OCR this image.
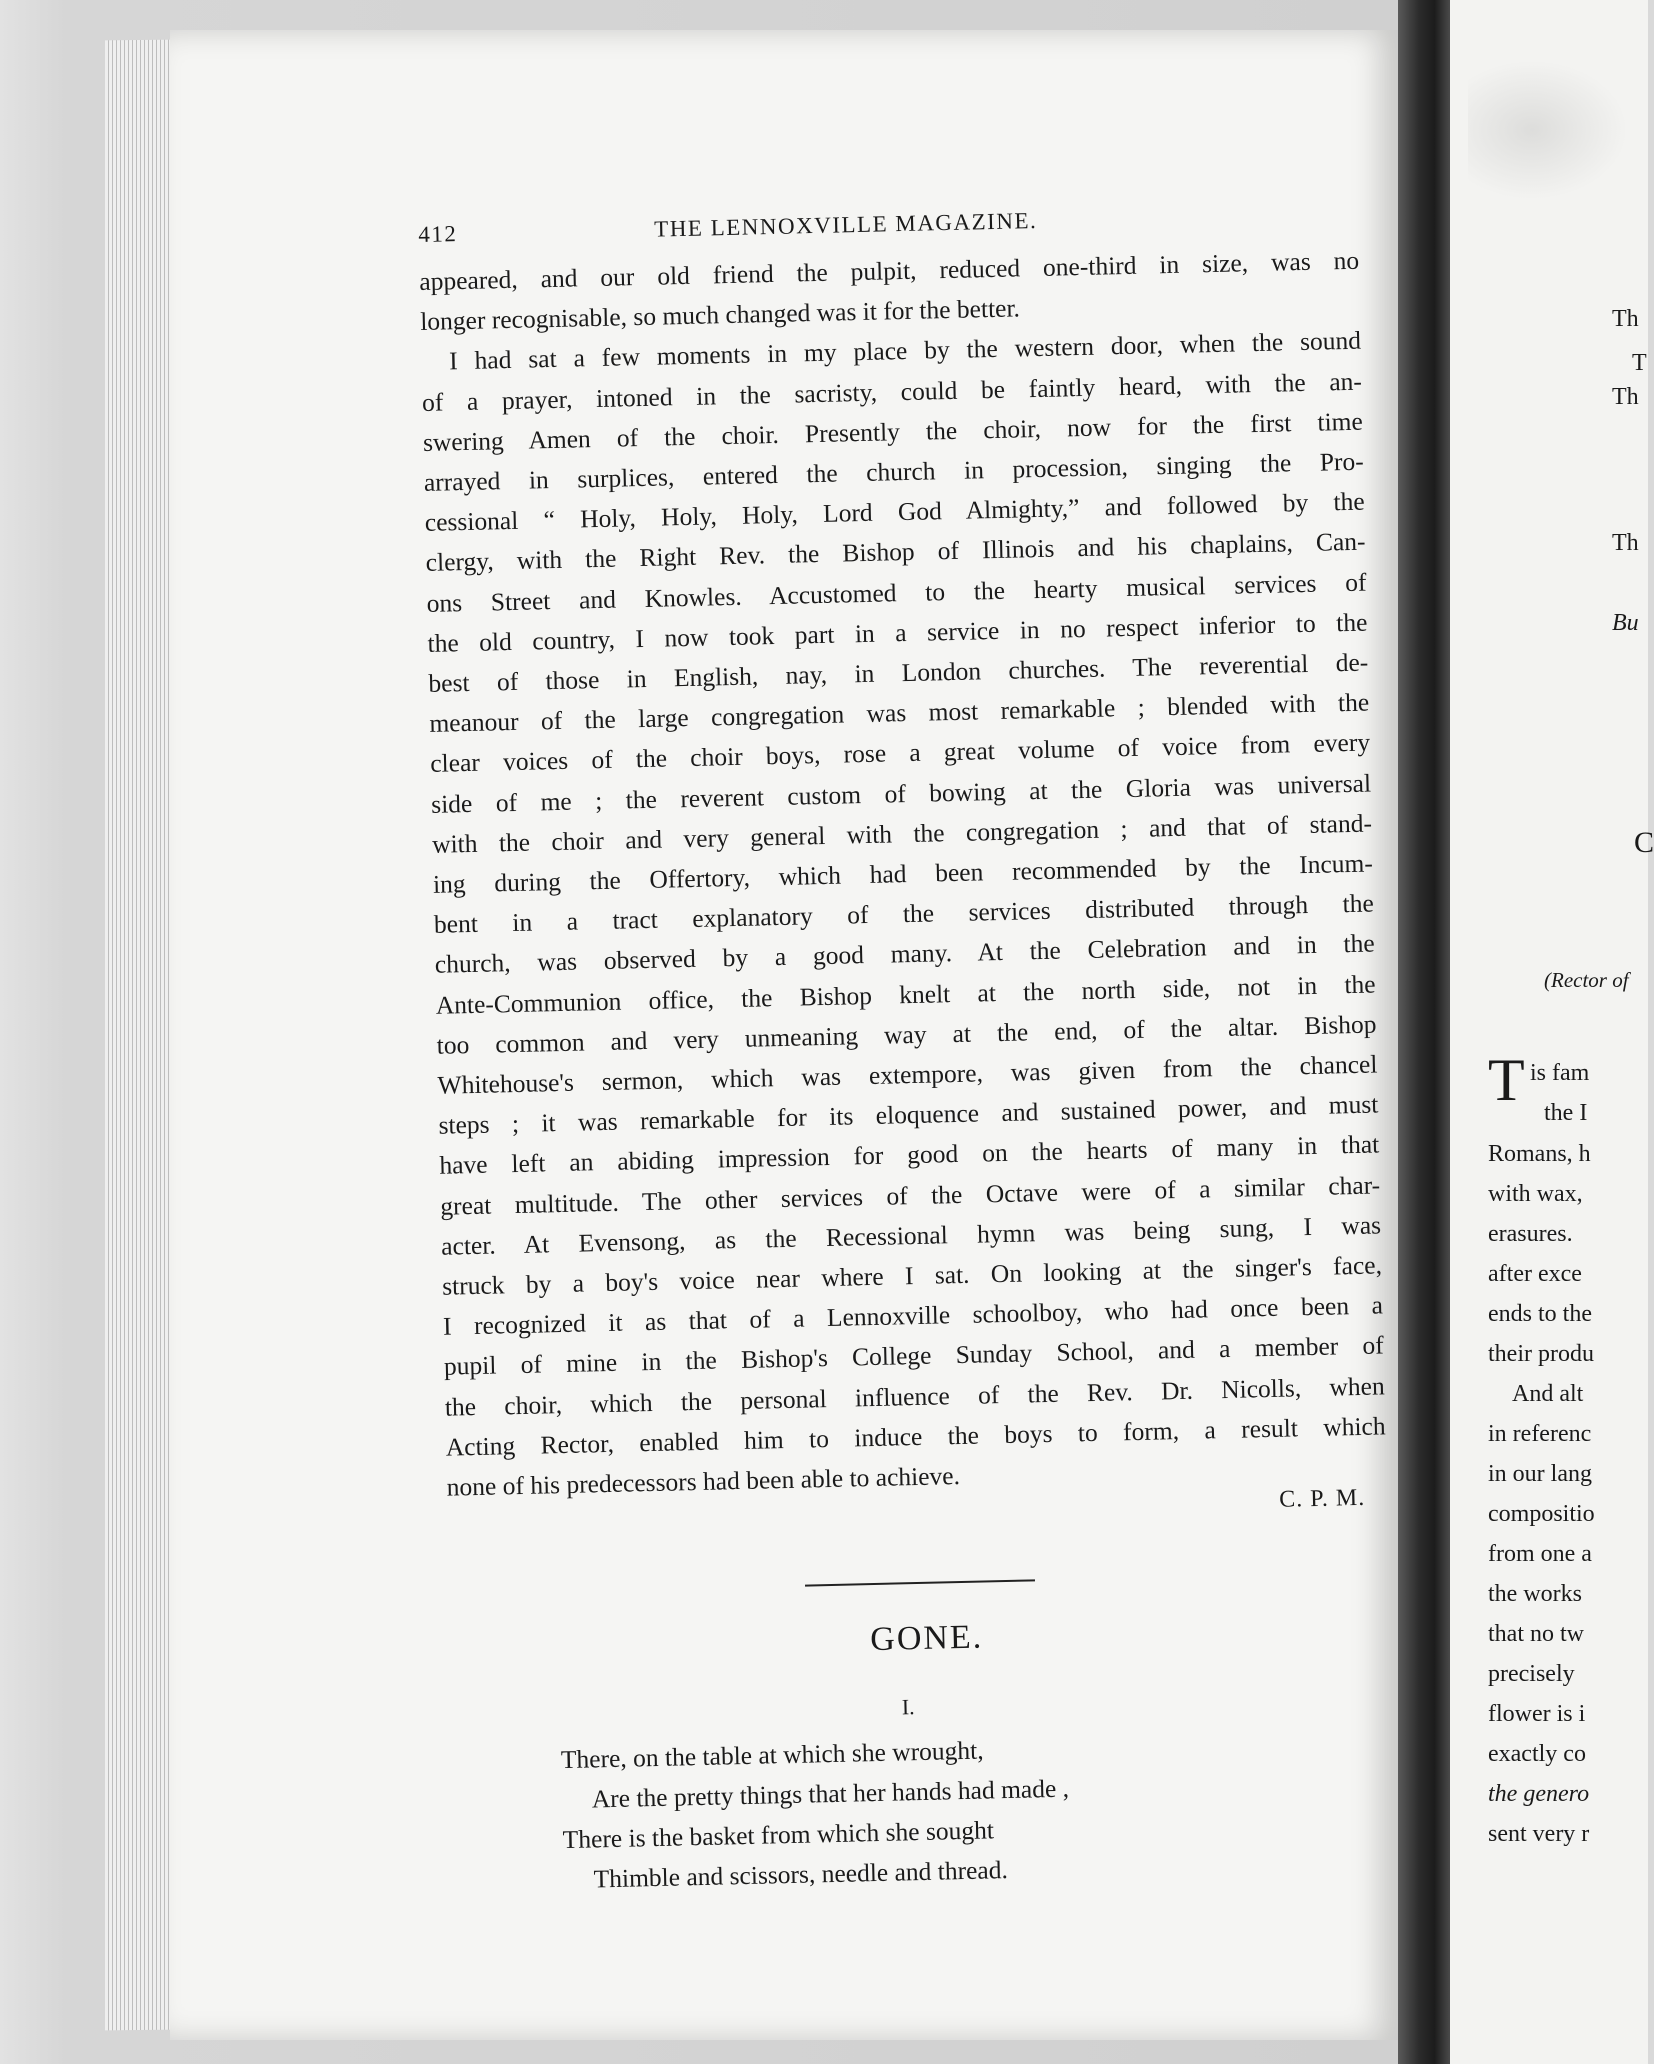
412	THE LENNOXVILLE MAGAZINE.

appeared, and our old friend the pulpit, reduced one-third in size, was no

longer recognisable, so much changed was it for the better.

I had sat a few moments in my place by the western door, when the sound

of a prayer, intoned in the sacristy, could be faintly heard, with the an-

swering Amen of the choir. Presently the choir, now for the first time

arrayed in surplices, entered the church in procession, singing the Pro-

cessional “ Holy, Holy, Holy, Lord God Almighty,” and followed by the

clergy, with the Right Rev. the Bishop of Illinois and his chaplains, Can-

ons Street and Knowles. Accustomed to the hearty musical services of

the old country, I now took part in a service in no respect inferior to the

best of those in English, nay, in London churches. The reverential de-

meanour of the large congregation was most remarkable ; blended with the

clear voices of the choir boys, rose a great volume of voice from every

side of me ; the reverent custom of bowing at the Gloria was universal

with the choir and very general with the congregation ; and that of stand-

ing during the Offertory, which had been recommended by the Incum-

bent in a tract explanatory of the services distributed through the

church, was observed by a good many. At the Celebration and in the

Ante-Communion office, the Bishop knelt at the north side, not in the

too common and very unmeaning way at the end, of the altar. Bishop

Whitehouse's sermon, which was extempore, was given from the chancel

steps ; it was remarkable for its eloquence and sustained power, and must

have left an abiding impression for good on the hearts of many in that

great multitude. The other services of the Octave were of a similar char-

acter. At Evensong, as the Recessional hymn was being sung, I was

struck by a boy's voice near where I sat. On looking at the singer's face,

I recognized it as that of a Lennoxville schoolboy, who had once been a

pupil of mine in the Bishop's College Sunday School, and a member of

the choir, which the personal influence of the Rev. Dr. Nicolls, when

Acting Rector, enabled him to induce the boys to form, a result which

none of his predecessors had been able to achieve.	C. P. M.
GONE.
I.
There, on the table at which she wrought,
Are the pretty things that her hands had made ,
There is the basket from which she sought
Thimble and scissors, needle and thread.
Th
T
Th
Th
Bu
C
(Rector of
T is fam
the I
Romans, h
with wax,
erasures.
after exce
ends to the
their produ
And alt
in referenc
in our lang
compositio
from one a
the works
that no tw
precisely
flower is i
exactly co
the genero
sent very r
